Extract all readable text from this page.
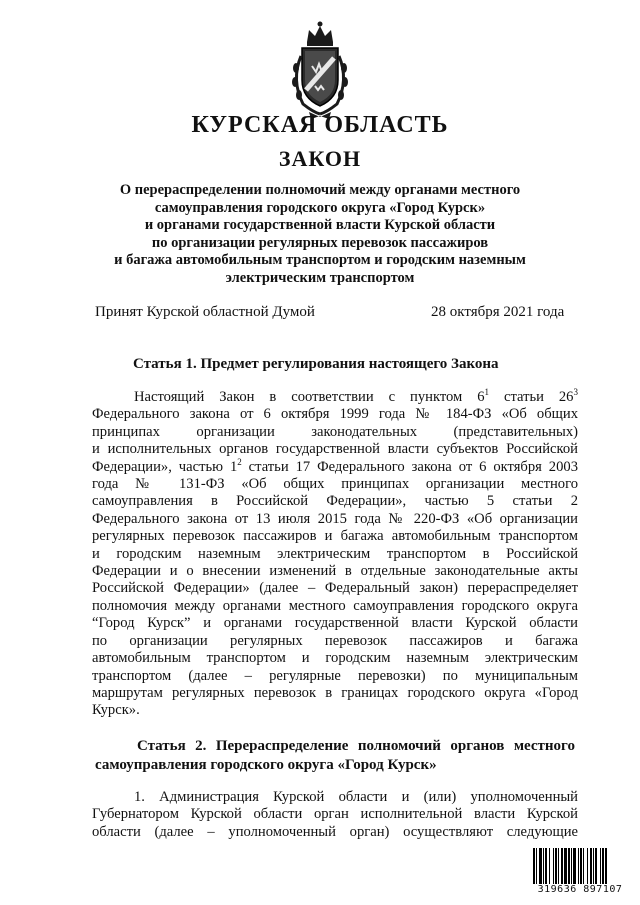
КУРСКАЯ ОБЛАСТЬ

ЗАКОН

О перераспределении полномочий между органами местного
самоуправления городского округа «Город Курск»
и органами государственной власти Курской области
по организации регулярных перевозок пассажиров
и багажа автомобильным транспортом и городским наземным
электрическим транспортом

Принят Курской областной Думой	28 октября 2021 года

Статья 1. Предмет регулирования настоящего Закона

Настоящий Закон в соответствии с пунктом $6^1$ статьи $26^3$
Федерального закона от 6 октября 1999 года № 184-ФЗ «Об общих
принципах организации законодательных (представительных)
и исполнительных органов государственной власти субъектов Российской
Федерации», частью $1^2$ статьи 17 Федерального закона от 6 октября 2003
года № 131-ФЗ «Об общих принципах организации местного
самоуправления в Российской Федерации», частью 5 статьи 2
Федерального закона от 13 июля 2015 года № 220-ФЗ «Об организации
регулярных перевозок пассажиров и багажа автомобильным транспортом
и городским наземным электрическим транспортом в Российской
Федерации и о внесении изменений в отдельные законодательные акты
Российской Федерации» (далее – Федеральный закон) перераспределяет
полномочия между органами местного самоуправления городского округа
“Город Курск” и органами государственной власти Курской области
по организации регулярных перевозок пассажиров и багажа
автомобильным транспортом и городским наземным электрическим
транспортом (далее – регулярные перевозки) по муниципальным
маршрутам регулярных перевозок в границах городского округа «Город
Курск».

Статья 2. Перераспределение полномочий органов местного
самоуправления городского округа «Город Курск»

1. Администрация Курской области и (или) уполномоченный
Губернатором Курской области орган исполнительной власти Курской
области (далее – уполномоченный орган) осуществляют следующие
319636 897107
